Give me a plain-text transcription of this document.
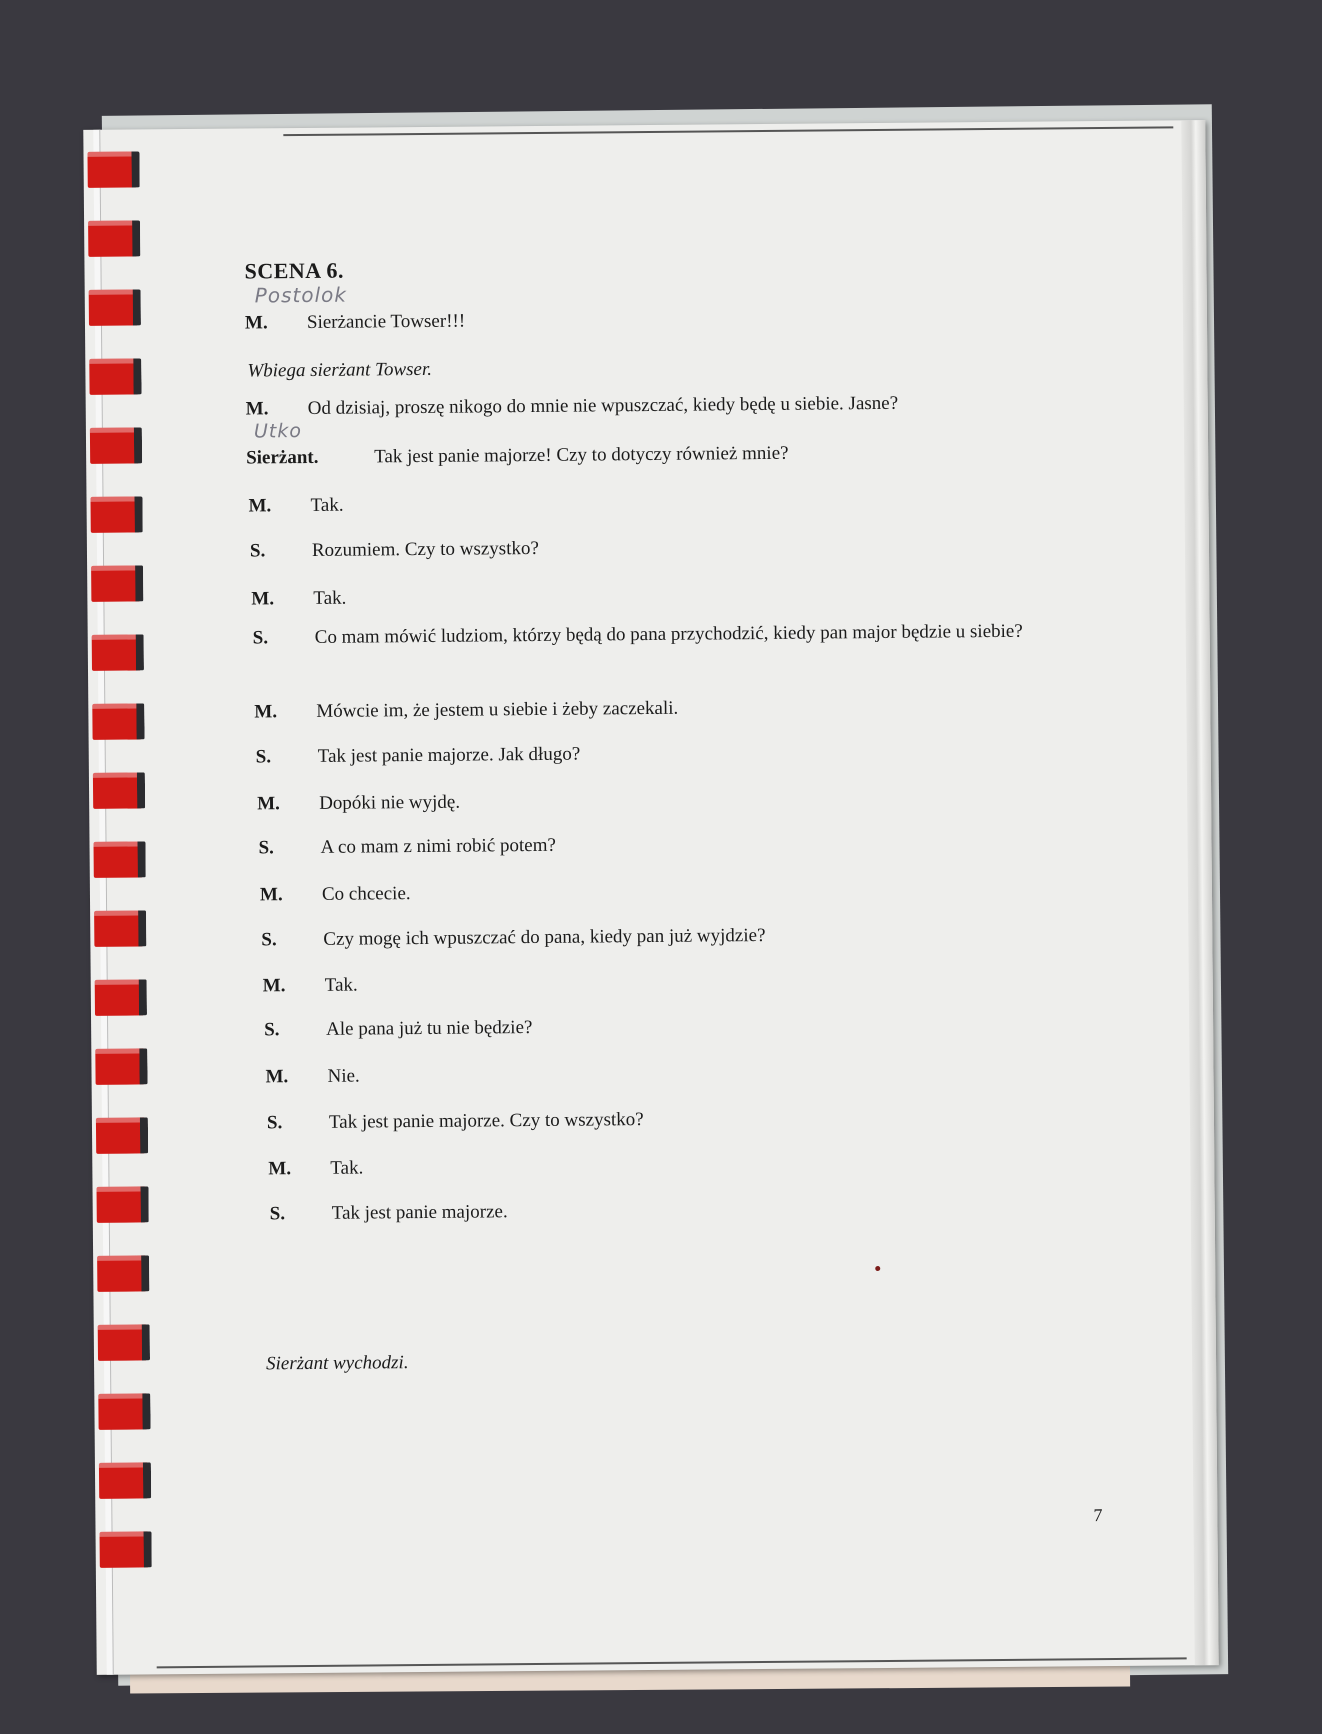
SCENA 6.
Postolok
Utko
Wbiega sierżant Towser.
M.	Sierżancie Towser!!!
M.	Od dzisiaj, proszę nikogo do mnie nie wpuszczać, kiedy będę u siebie. Jasne?
Sierżant.	Tak jest panie majorze! Czy to dotyczy również mnie?
M.	Tak.
S.	Rozumiem. Czy to wszystko?
M.	Tak.
S.	Co mam mówić ludziom, którzy będą do pana przychodzić, kiedy pan major będzie u siebie?
M.	Mówcie im, że jestem u siebie i żeby zaczekali.
S.	Tak jest panie majorze. Jak długo?
M.	Dopóki nie wyjdę.
S.	A co mam z nimi robić potem?
M.	Co chcecie.
S.	Czy mogę ich wpuszczać do pana, kiedy pan już wyjdzie?
M.	Tak.
S.	Ale pana już tu nie będzie?
M.	Nie.
S.	Tak jest panie majorze. Czy to wszystko?
M.	Tak.
S.	Tak jest panie majorze.
Sierżant wychodzi.
7
